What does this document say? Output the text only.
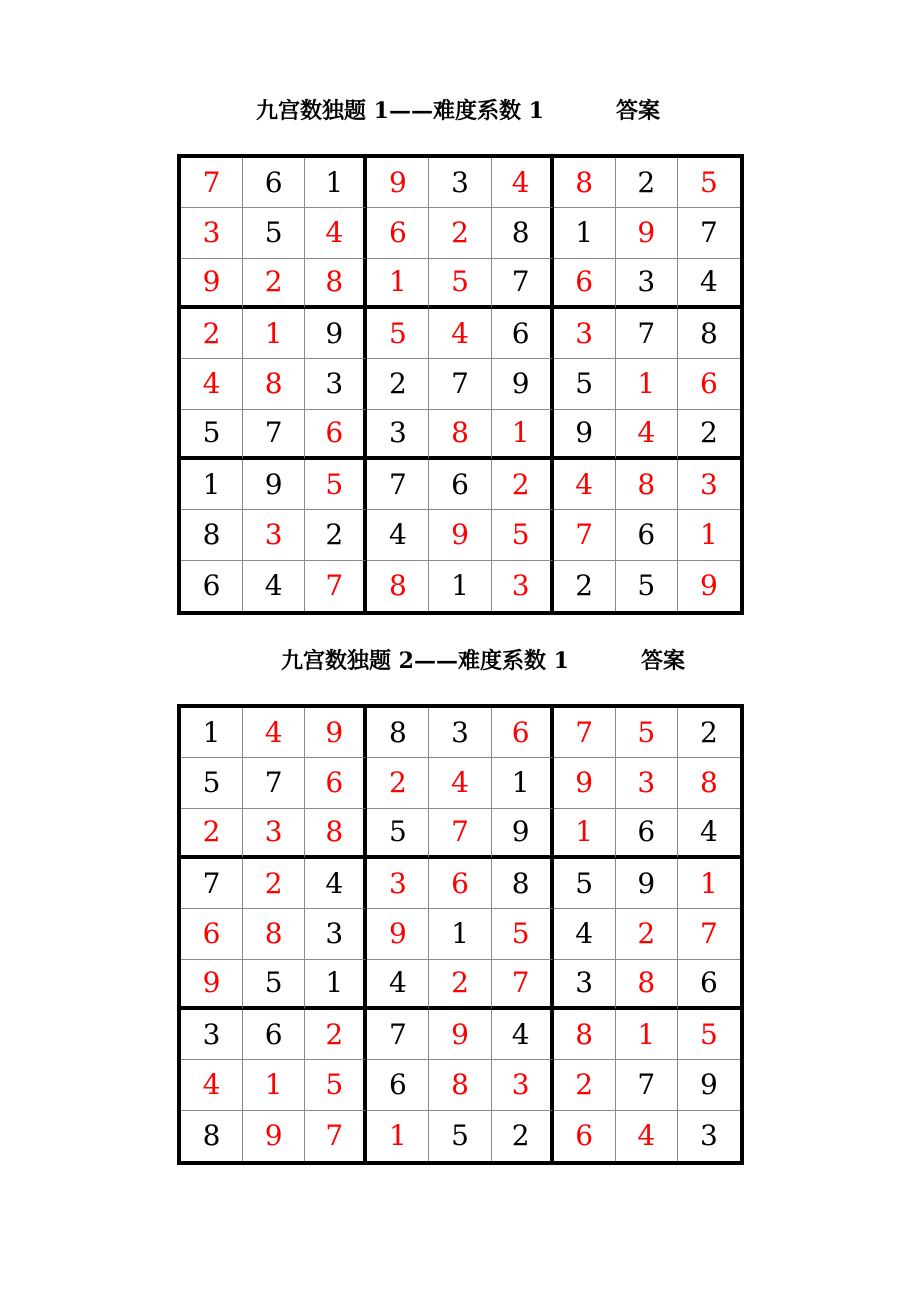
九宫数独题 1——难度系数 1

	答案

7	6	1	9	3	4	8	2	5
3	5	4	6	2	8	1	9	7
9	2	8	1	5	7	6	3	4
2	1	9	5	4	6	3	7	8
4	8	3	2	7	9	5	1	6
5	7	6	3	8	1	9	4	2
1	9	5	7	6	2	4	8	3
8	3	2	4	9	5	7	6	1
6	4	7	8	1	3	2	5	9

九宫数独题 2——难度系数 1

	答案

1	4	9	8	3	6	7	5	2
5	7	6	2	4	1	9	3	8
2	3	8	5	7	9	1	6	4
7	2	4	3	6	8	5	9	1
6	8	3	9	1	5	4	2	7
9	5	1	4	2	7	3	8	6
3	6	2	7	9	4	8	1	5
4	1	5	6	8	3	2	7	9
8	9	7	1	5	2	6	4	3
